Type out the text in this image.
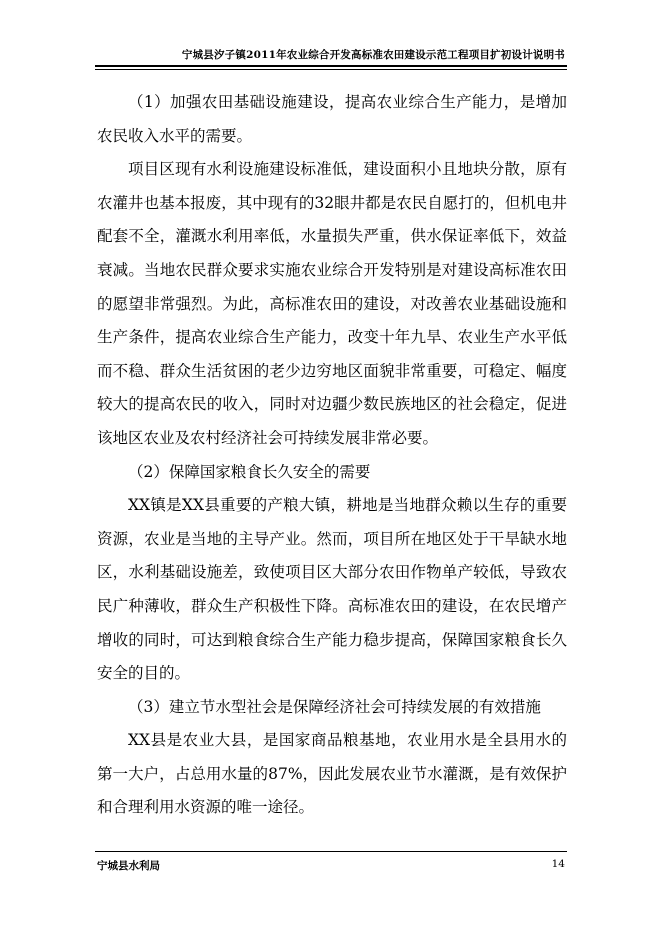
宁城县汐子镇2011年农业综合开发高标准农田建设示范工程项目扩初设计说明书

（1）加强农田基础设施建设，提高农业综合生产能力，是增加农民收入水平的需要。

项目区现有水利设施建设标准低，建设面积小且地块分散，原有农灌井也基本报废，其中现有的32眼井都是农民自愿打的，但机电井配套不全，灌溉水利用率低，水量损失严重，供水保证率低下，效益衰减。当地农民群众要求实施农业综合开发特别是对建设高标准农田的愿望非常强烈。为此，高标准农田的建设，对改善农业基础设施和生产条件，提高农业综合生产能力，改变十年九旱、农业生产水平低而不稳、群众生活贫困的老少边穷地区面貌非常重要，可稳定、幅度较大的提高农民的收入，同时对边疆少数民族地区的社会稳定，促进该地区农业及农村经济社会可持续发展非常必要。

（2）保障国家粮食长久安全的需要

XX镇是XX县重要的产粮大镇，耕地是当地群众赖以生存的重要资源，农业是当地的主导产业。然而，项目所在地区处于干旱缺水地区，水利基础设施差，致使项目区大部分农田作物单产较低，导致农民广种薄收，群众生产积极性下降。高标准农田的建设，在农民增产增收的同时，可达到粮食综合生产能力稳步提高，保障国家粮食长久安全的目的。

（3）建立节水型社会是保障经济社会可持续发展的有效措施

XX县是农业大县，是国家商品粮基地，农业用水是全县用水的第一大户，占总用水量的87%，因此发展农业节水灌溉，是有效保护和合理利用水资源的唯一途径。

宁城县水利局	14
